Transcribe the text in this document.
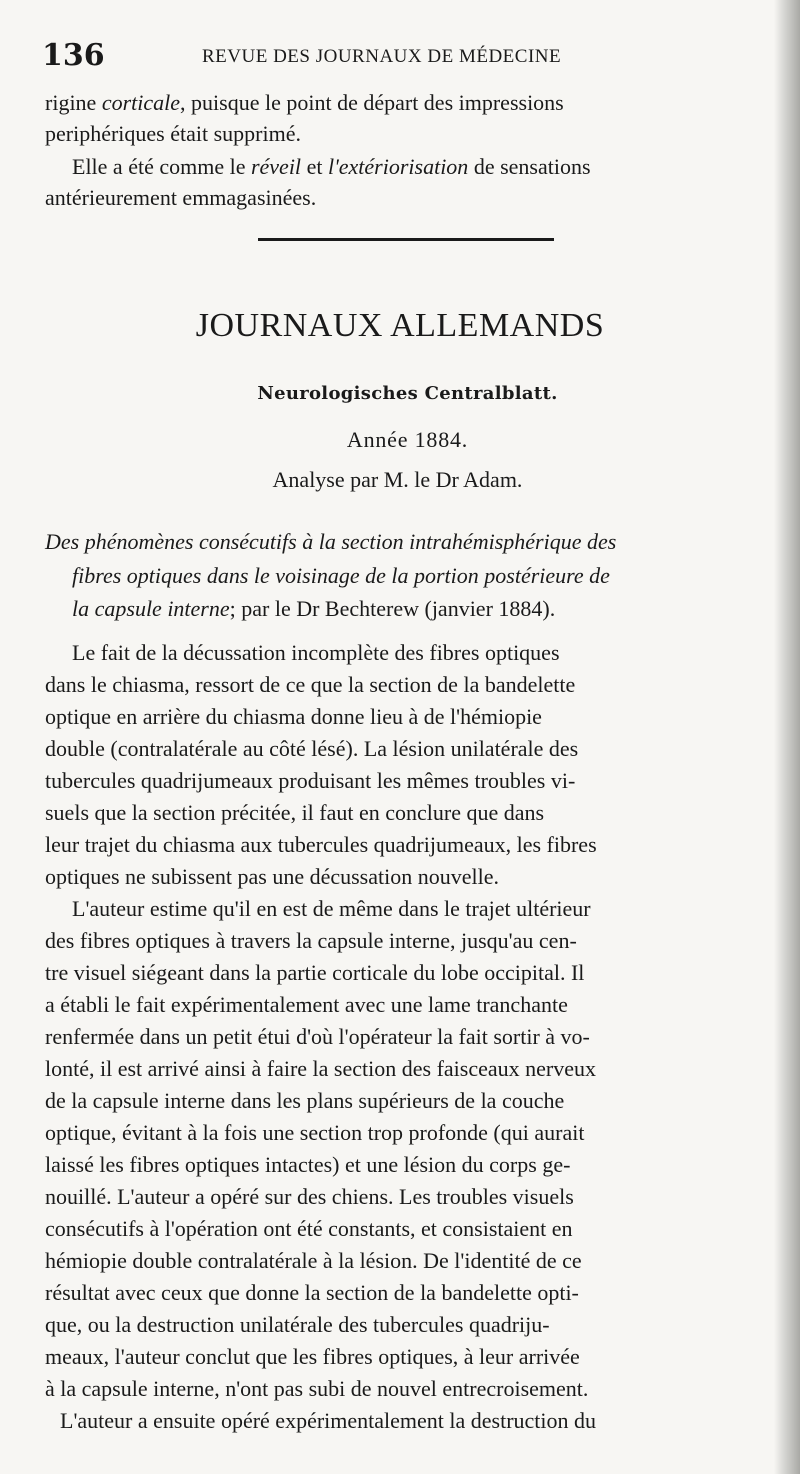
136	REVUE DES JOURNAUX DE MÉDECINE
rigine corticale, puisque le point de départ des impressions
periphériques était supprimé.
Elle a été comme le réveil et l'extériorisation de sensations
antérieurement emmagasinées.
JOURNAUX ALLEMANDS
Neurologisches Centralblatt.
Année 1884.
Analyse par M. le Dr Adam.
Des phénomènes consécutifs à la section intrahémisphérique des
fibres optiques dans le voisinage de la portion postérieure de
la capsule interne; par le Dr Bechterew (janvier 1884).
Le fait de la décussation incomplète des fibres optiques
dans le chiasma, ressort de ce que la section de la bandelette
optique en arrière du chiasma donne lieu à de l'hémiopie
double (contralatérale au côté lésé). La lésion unilatérale des
tubercules quadrijumeaux produisant les mêmes troubles vi-
suels que la section précitée, il faut en conclure que dans
leur trajet du chiasma aux tubercules quadrijumeaux, les fibres
optiques ne subissent pas une décussation nouvelle.
L'auteur estime qu'il en est de même dans le trajet ultérieur
des fibres optiques à travers la capsule interne, jusqu'au cen-
tre visuel siégeant dans la partie corticale du lobe occipital. Il
a établi le fait expérimentalement avec une lame tranchante
renfermée dans un petit étui d'où l'opérateur la fait sortir à vo-
lonté, il est arrivé ainsi à faire la section des faisceaux nerveux
de la capsule interne dans les plans supérieurs de la couche
optique, évitant à la fois une section trop profonde (qui aurait
laissé les fibres optiques intactes) et une lésion du corps ge-
nouillé. L'auteur a opéré sur des chiens. Les troubles visuels
consécutifs à l'opération ont été constants, et consistaient en
hémiopie double contralatérale à la lésion. De l'identité de ce
résultat avec ceux que donne la section de la bandelette opti-
que, ou la destruction unilatérale des tubercules quadriju-
meaux, l'auteur conclut que les fibres optiques, à leur arrivée
à la capsule interne, n'ont pas subi de nouvel entrecroisement.
L'auteur a ensuite opéré expérimentalement la destruction du
